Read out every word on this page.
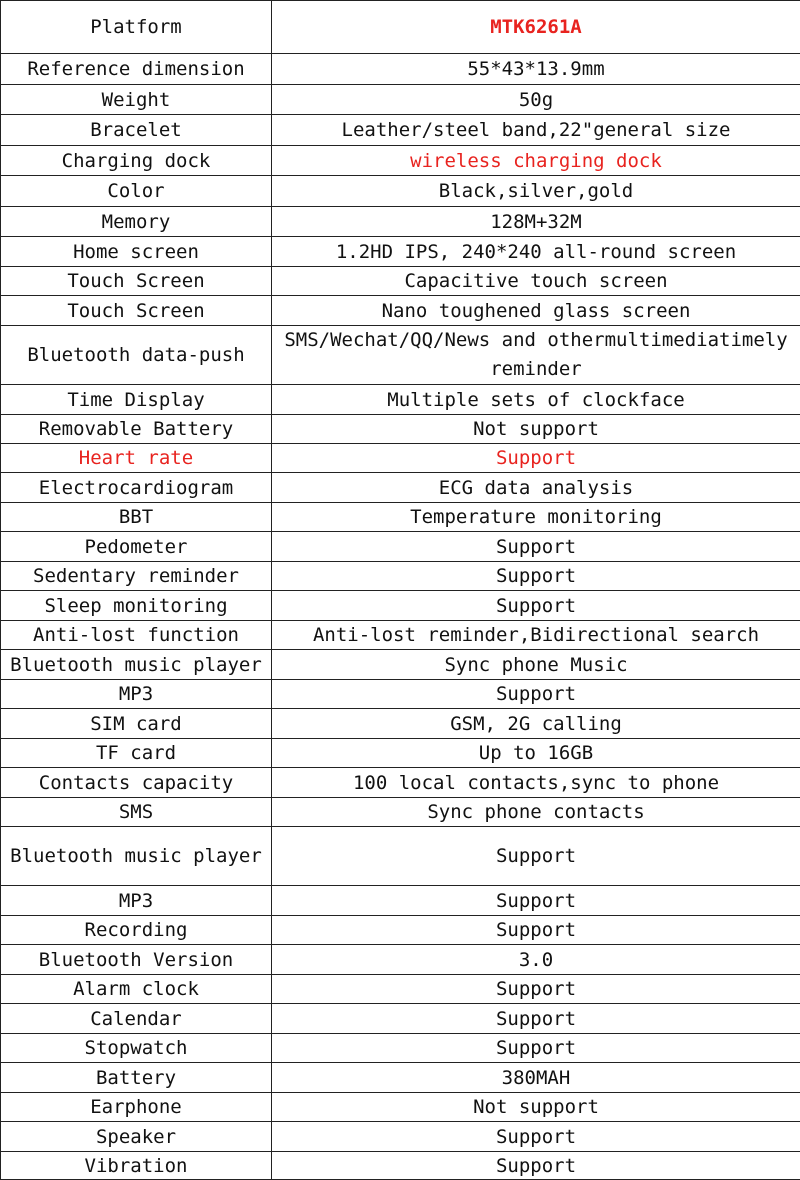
Platform	MTK6261A
Reference dimension	55*43*13.9mm
Weight	50g
Bracelet	Leather/steel band,22"general size
Charging dock	wireless charging dock
Color	Black,silver,gold
Memory	128M+32M
Home screen	1.2HD IPS, 240*240 all-round screen
Touch Screen	Capacitive touch screen
Touch Screen	Nano toughened glass screen
Bluetooth data-push	SMS/Wechat/QQ/News and othermultimediatimely reminder
Time Display	Multiple sets of clockface
Removable Battery	Not support
Heart rate	Support
Electrocardiogram	ECG data analysis
BBT	Temperature monitoring
Pedometer	Support
Sedentary reminder	Support
Sleep monitoring	Support
Anti-lost function	Anti-lost reminder,Bidirectional search
Bluetooth music player	Sync phone Music
MP3	Support
SIM card	GSM, 2G calling
TF card	Up to 16GB
Contacts capacity	100 local contacts,sync to phone
SMS	Sync phone contacts
Bluetooth music player	Support
MP3	Support
Recording	Support
Bluetooth Version	3.0
Alarm clock	Support
Calendar	Support
Stopwatch	Support
Battery	380MAH
Earphone	Not support
Speaker	Support
Vibration	Support
